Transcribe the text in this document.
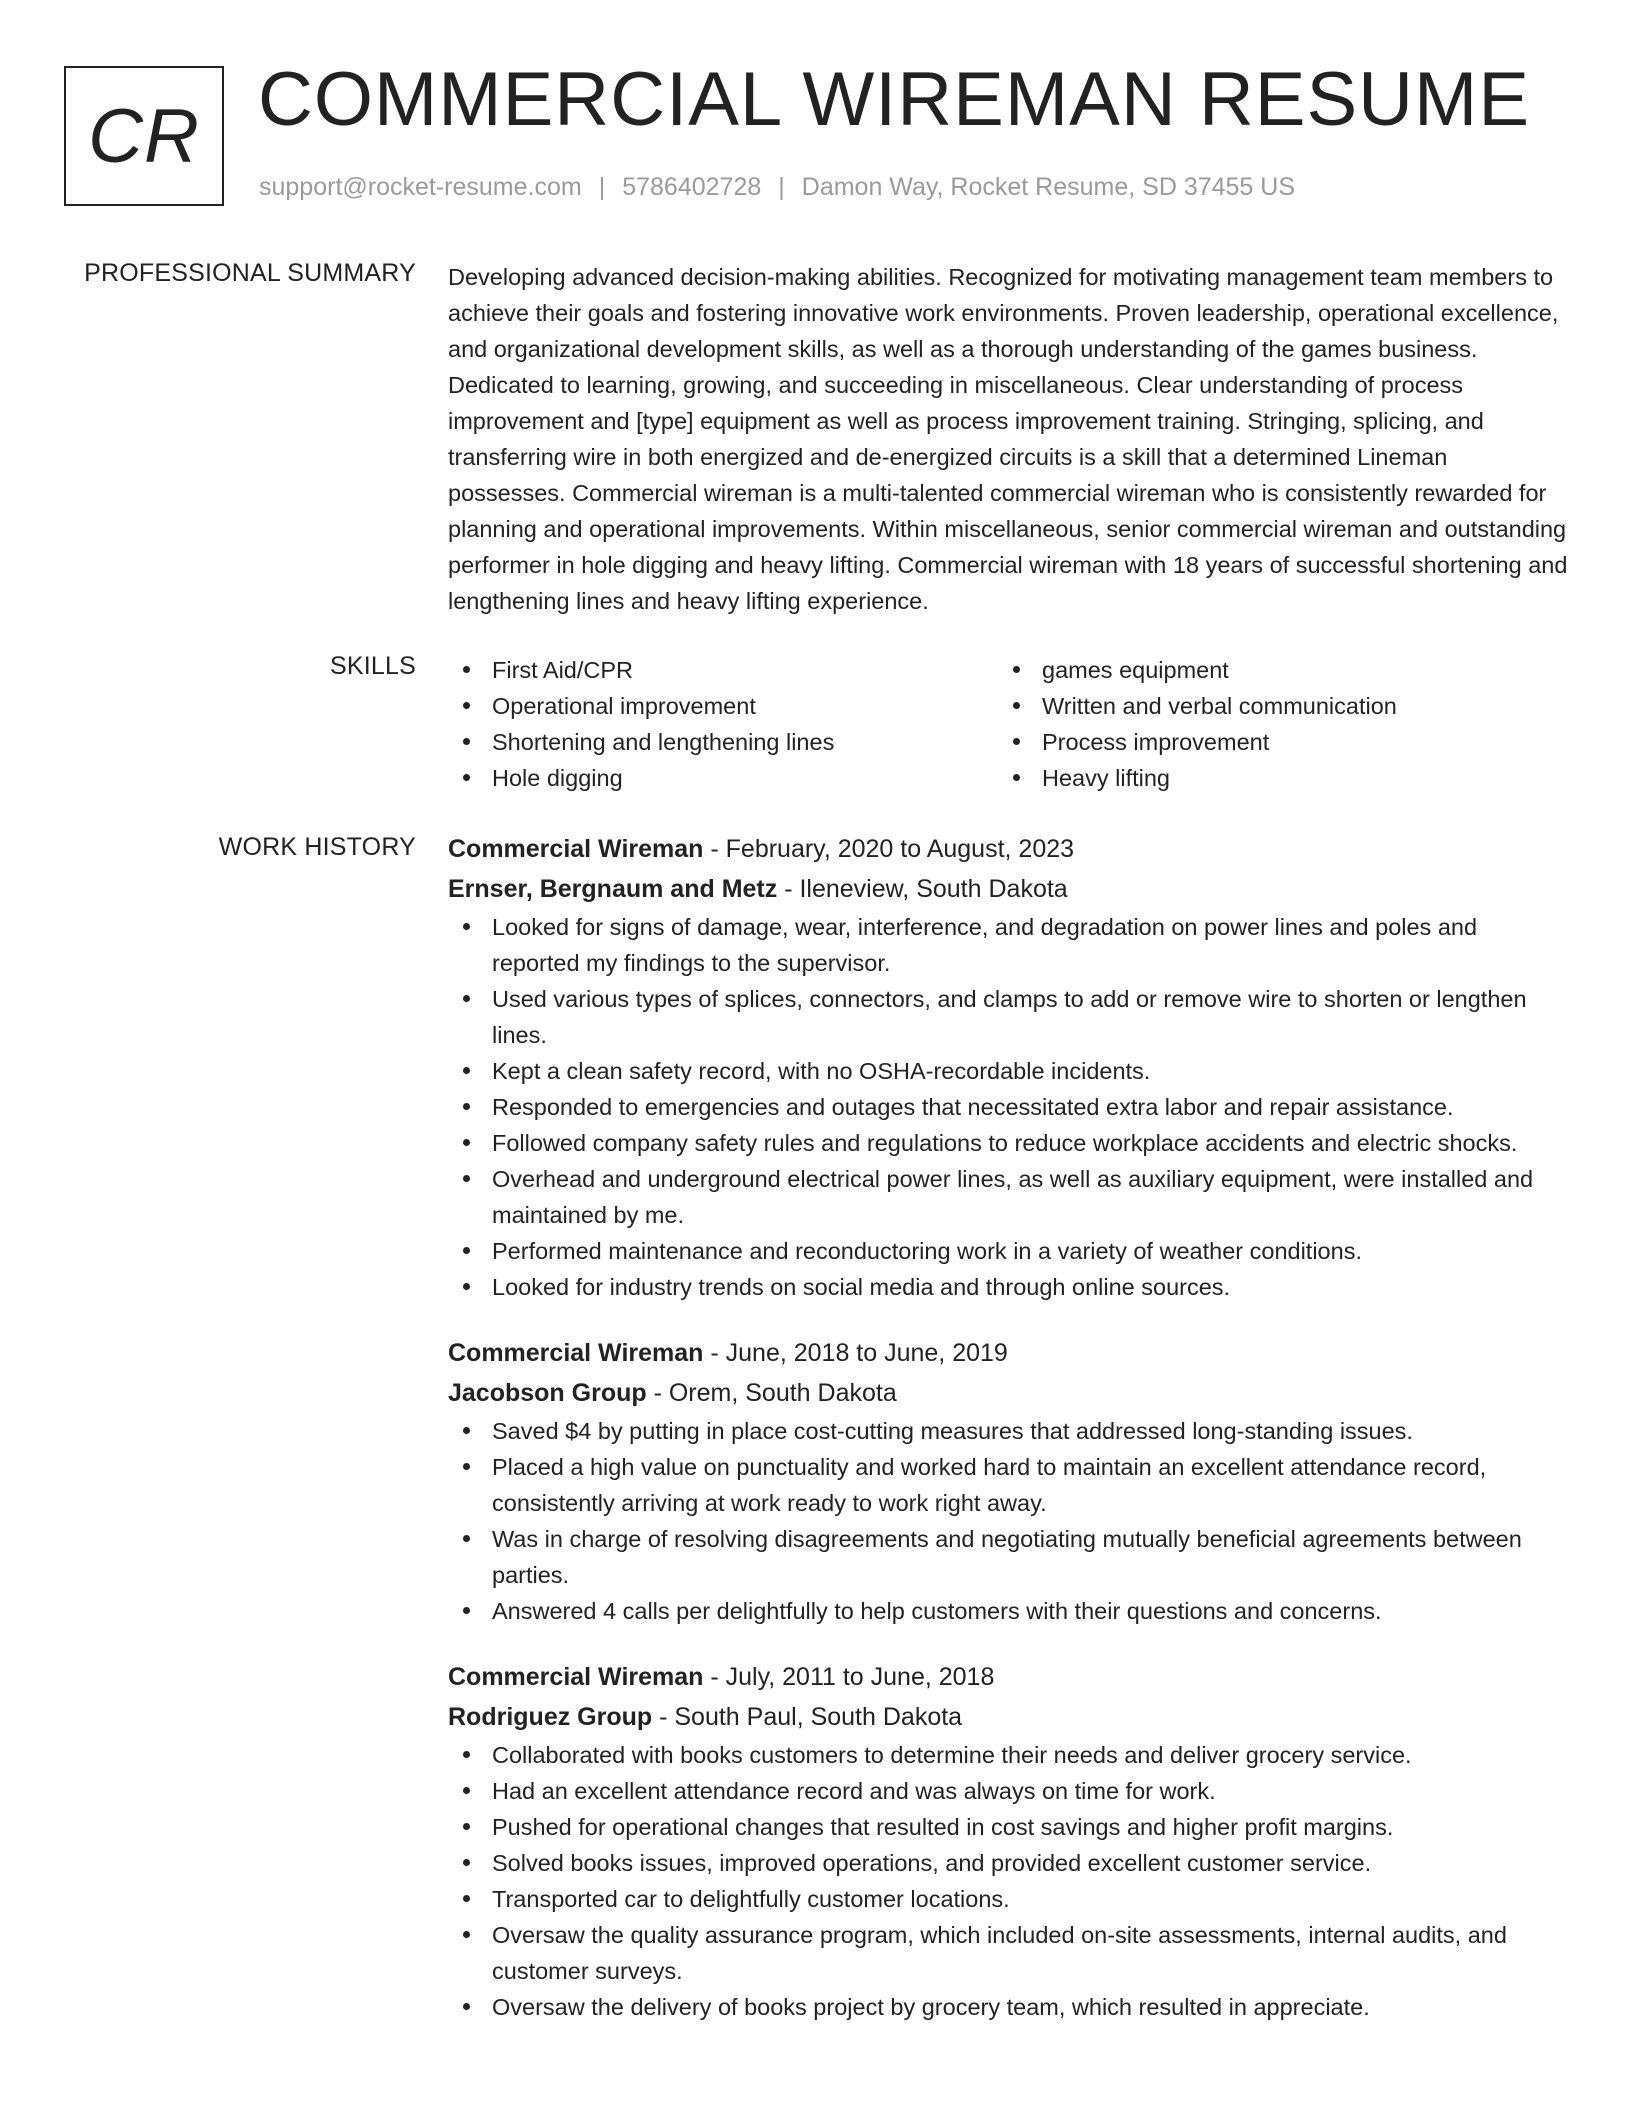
CR COMMERCIAL WIREMAN RESUME
support@rocket-resume.com | 5786402728 | Damon Way, Rocket Resume, SD 37455 US
PROFESSIONAL SUMMARY Developing advanced decision-making abilities. Recognized for motivating management team members to achieve their goals and fostering innovative work environments. Proven leadership, operational excellence, and organizational development skills, as well as a thorough understanding of the games business. Dedicated to learning, growing, and succeeding in miscellaneous. Clear understanding of process improvement and [type] equipment as well as process improvement training. Stringing, splicing, and transferring wire in both energized and de-energized circuits is a skill that a determined Lineman possesses. Commercial wireman is a multi-talented commercial wireman who is consistently rewarded for planning and operational improvements. Within miscellaneous, senior commercial wireman and outstanding performer in hole digging and heavy lifting. Commercial wireman with 18 years of successful shortening and lengthening lines and heavy lifting experience.

SKILLS	First Aid/CPR
Operational improvement
Shortening and lengthening lines
Hole digging
games equipment
Written and verbal communication
Process improvement
Heavy lifting
WORK HISTORY Commercial Wireman - February, 2020 to August, 2023
Ernser, Bergnaum and Metz - Ileneview, South Dakota
Looked for signs of damage, wear, interference, and degradation on power lines and poles and reported my findings to the supervisor.
Used various types of splices, connectors, and clamps to add or remove wire to shorten or lengthen lines.
Kept a clean safety record, with no OSHA-recordable incidents.
Responded to emergencies and outages that necessitated extra labor and repair assistance.
Followed company safety rules and regulations to reduce workplace accidents and electric shocks.
Overhead and underground electrical power lines, as well as auxiliary equipment, were installed and maintained by me.
Performed maintenance and reconductoring work in a variety of weather conditions.
Looked for industry trends on social media and through online sources.
Commercial Wireman - June, 2018 to June, 2019
Jacobson Group - Orem, South Dakota
Saved $4 by putting in place cost-cutting measures that addressed long-standing issues.
Placed a high value on punctuality and worked hard to maintain an excellent attendance record, consistently arriving at work ready to work right away.
Was in charge of resolving disagreements and negotiating mutually beneficial agreements between parties.
Answered 4 calls per delightfully to help customers with their questions and concerns.
Commercial Wireman - July, 2011 to June, 2018
Rodriguez Group - South Paul, South Dakota
Collaborated with books customers to determine their needs and deliver grocery service.
Had an excellent attendance record and was always on time for work.
Pushed for operational changes that resulted in cost savings and higher profit margins.
Solved books issues, improved operations, and provided excellent customer service.
Transported car to delightfully customer locations.
Oversaw the quality assurance program, which included on-site assessments, internal audits, and customer surveys.
Oversaw the delivery of books project by grocery team, which resulted in appreciate.
